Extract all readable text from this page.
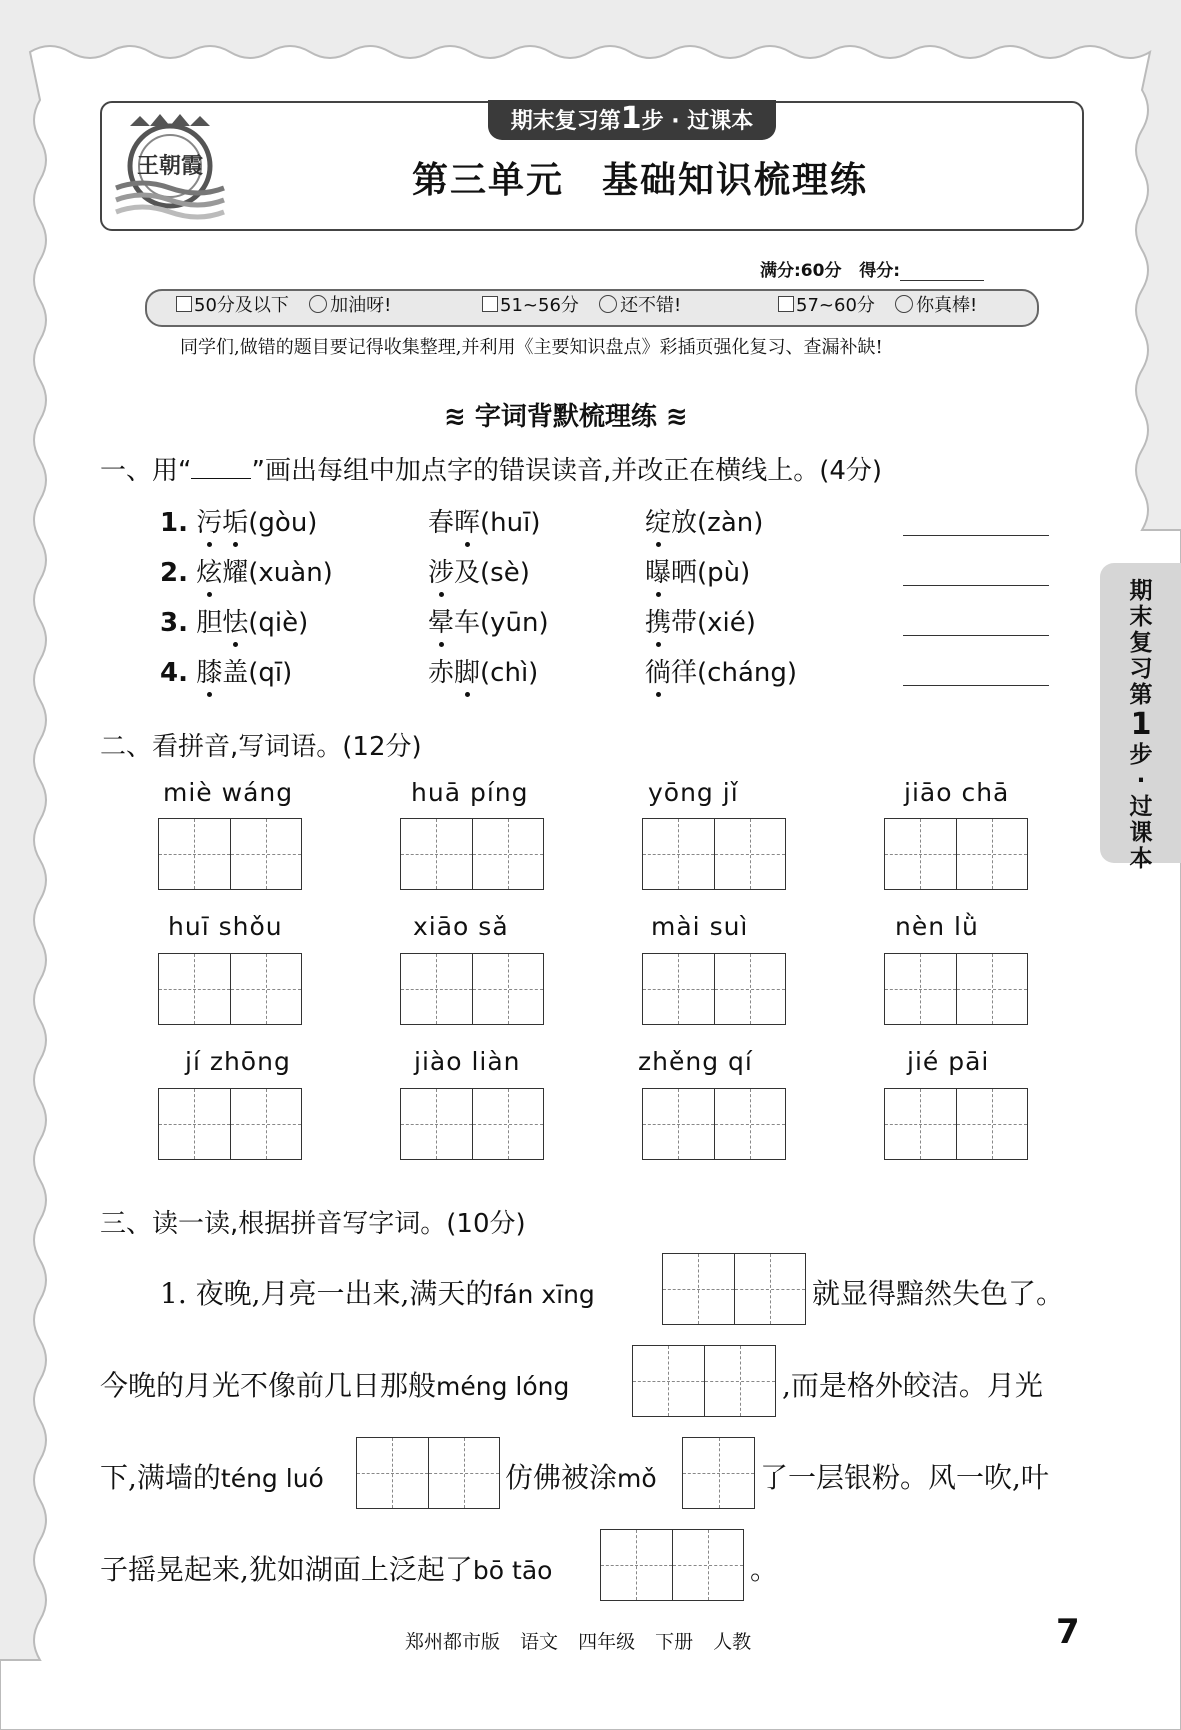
王朝霞
期末复习第1步 · 过课本
第三单元　基础知识梳理练
满分:60分 得分:
50分及以下 加油呀!	51~56分 还不错!	57~60分 你真棒!
同学们,做错的题目要记得收集整理,并利用《主要知识盘点》彩插页强化复习、查漏补缺!
≋ 字词背默梳理练 ≋
一、用“ ”画出每组中加点字的错误读音,并改正在横线上。(4分)
1. 污垢(gòu)	春晖(huī)	绽放(zàn)
2. 炫耀(xuàn)	涉及(sè)	曝晒(pù)
3. 胆怯(qiè)	晕车(yūn)	携带(xié)
4. 膝盖(qī)	赤脚(chì)	徜徉(cháng)
二、看拼音,写词语。(12分)
miè wáng	huā píng	yōng jǐ	jiāo chā
huī shǒu	xiāo sǎ	mài suì	nèn lǜ
jí zhōng	jiào liàn	zhěng qí	jié pāi
三、读一读,根据拼音写字词。(10分)
1. 夜晚,月亮一出来,满天的fán xīng	就显得黯然失色了。
今晚的月光不像前几日那般méng lóng	,而是格外皎洁。月光
下,满墙的téng luó	仿佛被涂mǒ	了一层银粉。风一吹,叶
子摇晃起来,犹如湖面上泛起了bō tāo	。
期
末
复
习
第
1
步
·
过
课
本
郑州都市版 语文 四年级 下册 人教	7
